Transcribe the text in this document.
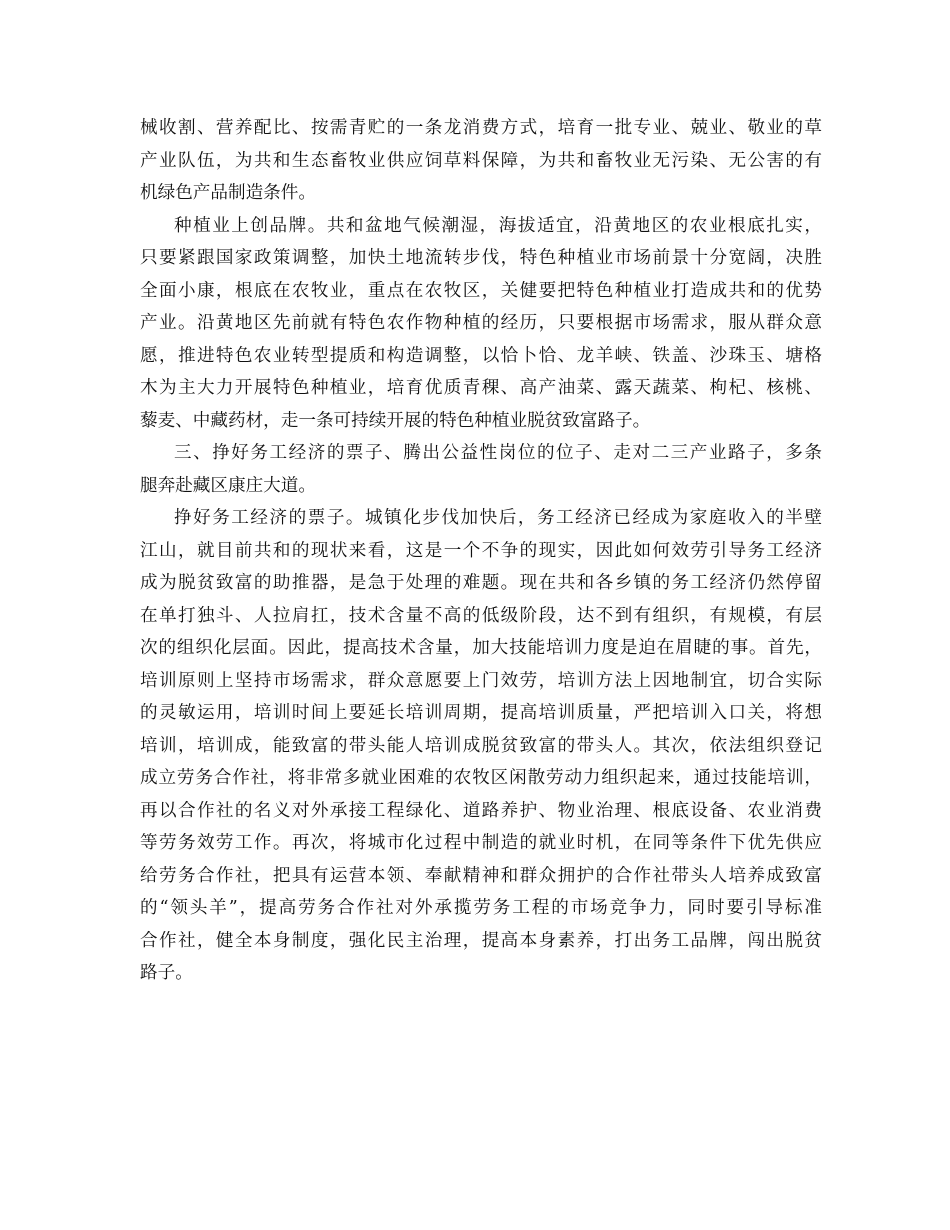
械收割、营养配比、按需青贮的一条龙消费方式，培育一批专业、兢业、敬业的草
产业队伍，为共和生态畜牧业供应饲草料保障，为共和畜牧业无污染、无公害的有
机绿色产品制造条件。
种植业上创品牌。共和盆地气候潮湿，海拔适宜，沿黄地区的农业根底扎实，
只要紧跟国家政策调整，加快土地流转步伐，特色种植业市场前景十分宽阔，决胜
全面小康，根底在农牧业，重点在农牧区，关健要把特色种植业打造成共和的优势
产业。沿黄地区先前就有特色农作物种植的经历，只要根据市场需求，服从群众意
愿，推进特色农业转型提质和构造调整，以恰卜恰、龙羊峡、铁盖、沙珠玉、塘格
木为主大力开展特色种植业，培育优质青稞、高产油菜、露天蔬菜、枸杞、核桃、
藜麦、中藏药材，走一条可持续开展的特色种植业脱贫致富路子。
三、挣好务工经济的票子、腾出公益性岗位的位子、走对二三产业路子，多条
腿奔赴藏区康庄大道。
挣好务工经济的票子。城镇化步伐加快后，务工经济已经成为家庭收入的半壁
江山，就目前共和的现状来看，这是一个不争的现实，因此如何效劳引导务工经济
成为脱贫致富的助推器，是急于处理的难题。现在共和各乡镇的务工经济仍然停留
在单打独斗、人拉肩扛，技术含量不高的低级阶段，达不到有组织，有规模，有层
次的组织化层面。因此，提高技术含量，加大技能培训力度是迫在眉睫的事。首先，
培训原则上坚持市场需求，群众意愿要上门效劳，培训方法上因地制宜，切合实际
的灵敏运用，培训时间上要延长培训周期，提高培训质量，严把培训入口关，将想
培训，培训成，能致富的带头能人培训成脱贫致富的带头人。其次，依法组织登记
成立劳务合作社，将非常多就业困难的农牧区闲散劳动力组织起来，通过技能培训，
再以合作社的名义对外承接工程绿化、道路养护、物业治理、根底设备、农业消费
等劳务效劳工作。再次，将城市化过程中制造的就业时机，在同等条件下优先供应
给劳务合作社，把具有运营本领、奉献精神和群众拥护的合作社带头人培养成致富
的“领头羊”，提高劳务合作社对外承揽劳务工程的市场竞争力，同时要引导标准
合作社，健全本身制度，强化民主治理，提高本身素养，打出务工品牌，闯出脱贫
路子。
